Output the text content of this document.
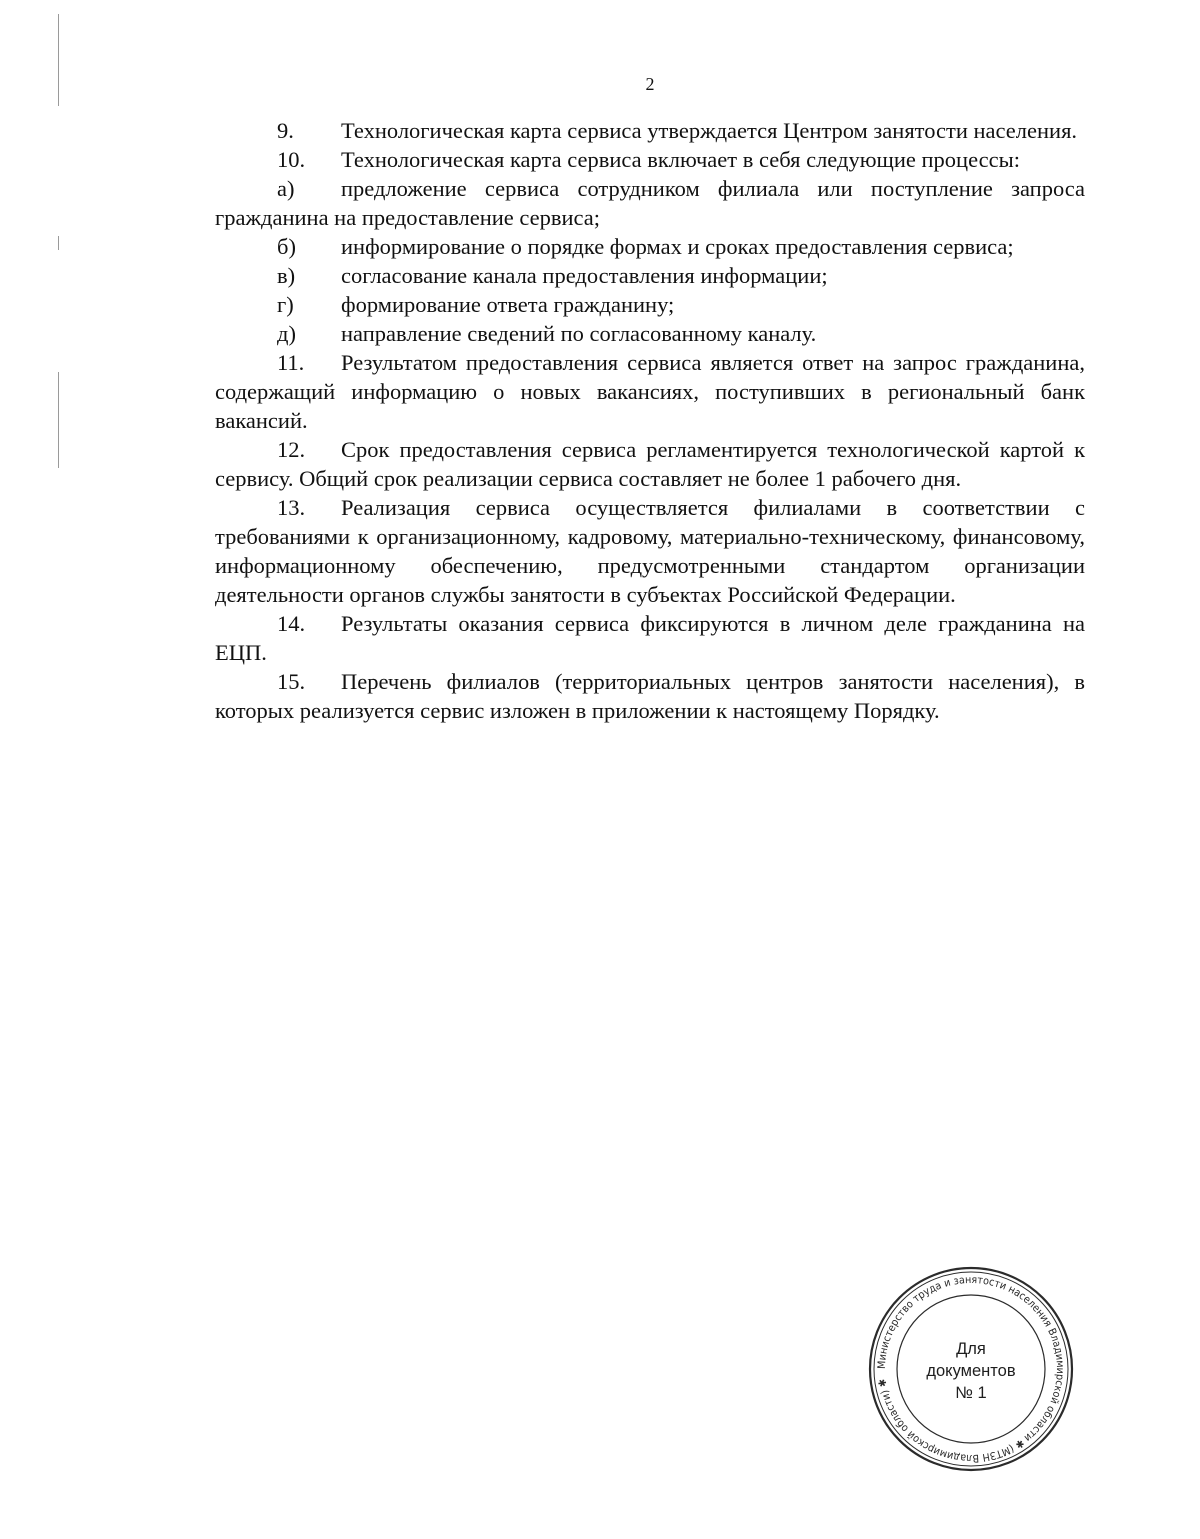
2

9. Технологическая карта сервиса утверждается Центром занятости населения.

10. Технологическая карта сервиса включает в себя следующие процессы:

а) предложение сервиса сотрудником филиала или поступление запроса гражданина на предоставление сервиса;

б) информирование о порядке формах и сроках предоставления сервиса;

в) согласование канала предоставления информации;

г) формирование ответа гражданину;

д) направление сведений по согласованному каналу.

11. Результатом предоставления сервиса является ответ на запрос гражданина, содержащий информацию о новых вакансиях, поступивших в региональный банк вакансий.

12. Срок предоставления сервиса регламентируется технологической картой к сервису. Общий срок реализации сервиса составляет не более 1 рабочего дня.

13. Реализация сервиса осуществляется филиалами в соответствии с требованиями к организационному, кадровому, материально-техническому, финансовому, информационному обеспечению, предусмотренными стандартом организации деятельности органов службы занятости в субъектах Российской Федерации.

14. Результаты оказания сервиса фиксируются в личном деле гражданина на ЕЦП.

15. Перечень филиалов (территориальных центров занятости населения), в которых реализуется сервис изложен в приложении к настоящему Порядку.

Министерство труда и занятости населения Владимирской области ✱ (МТЗН Владимирской области) ✱
Для
документов
№ 1
